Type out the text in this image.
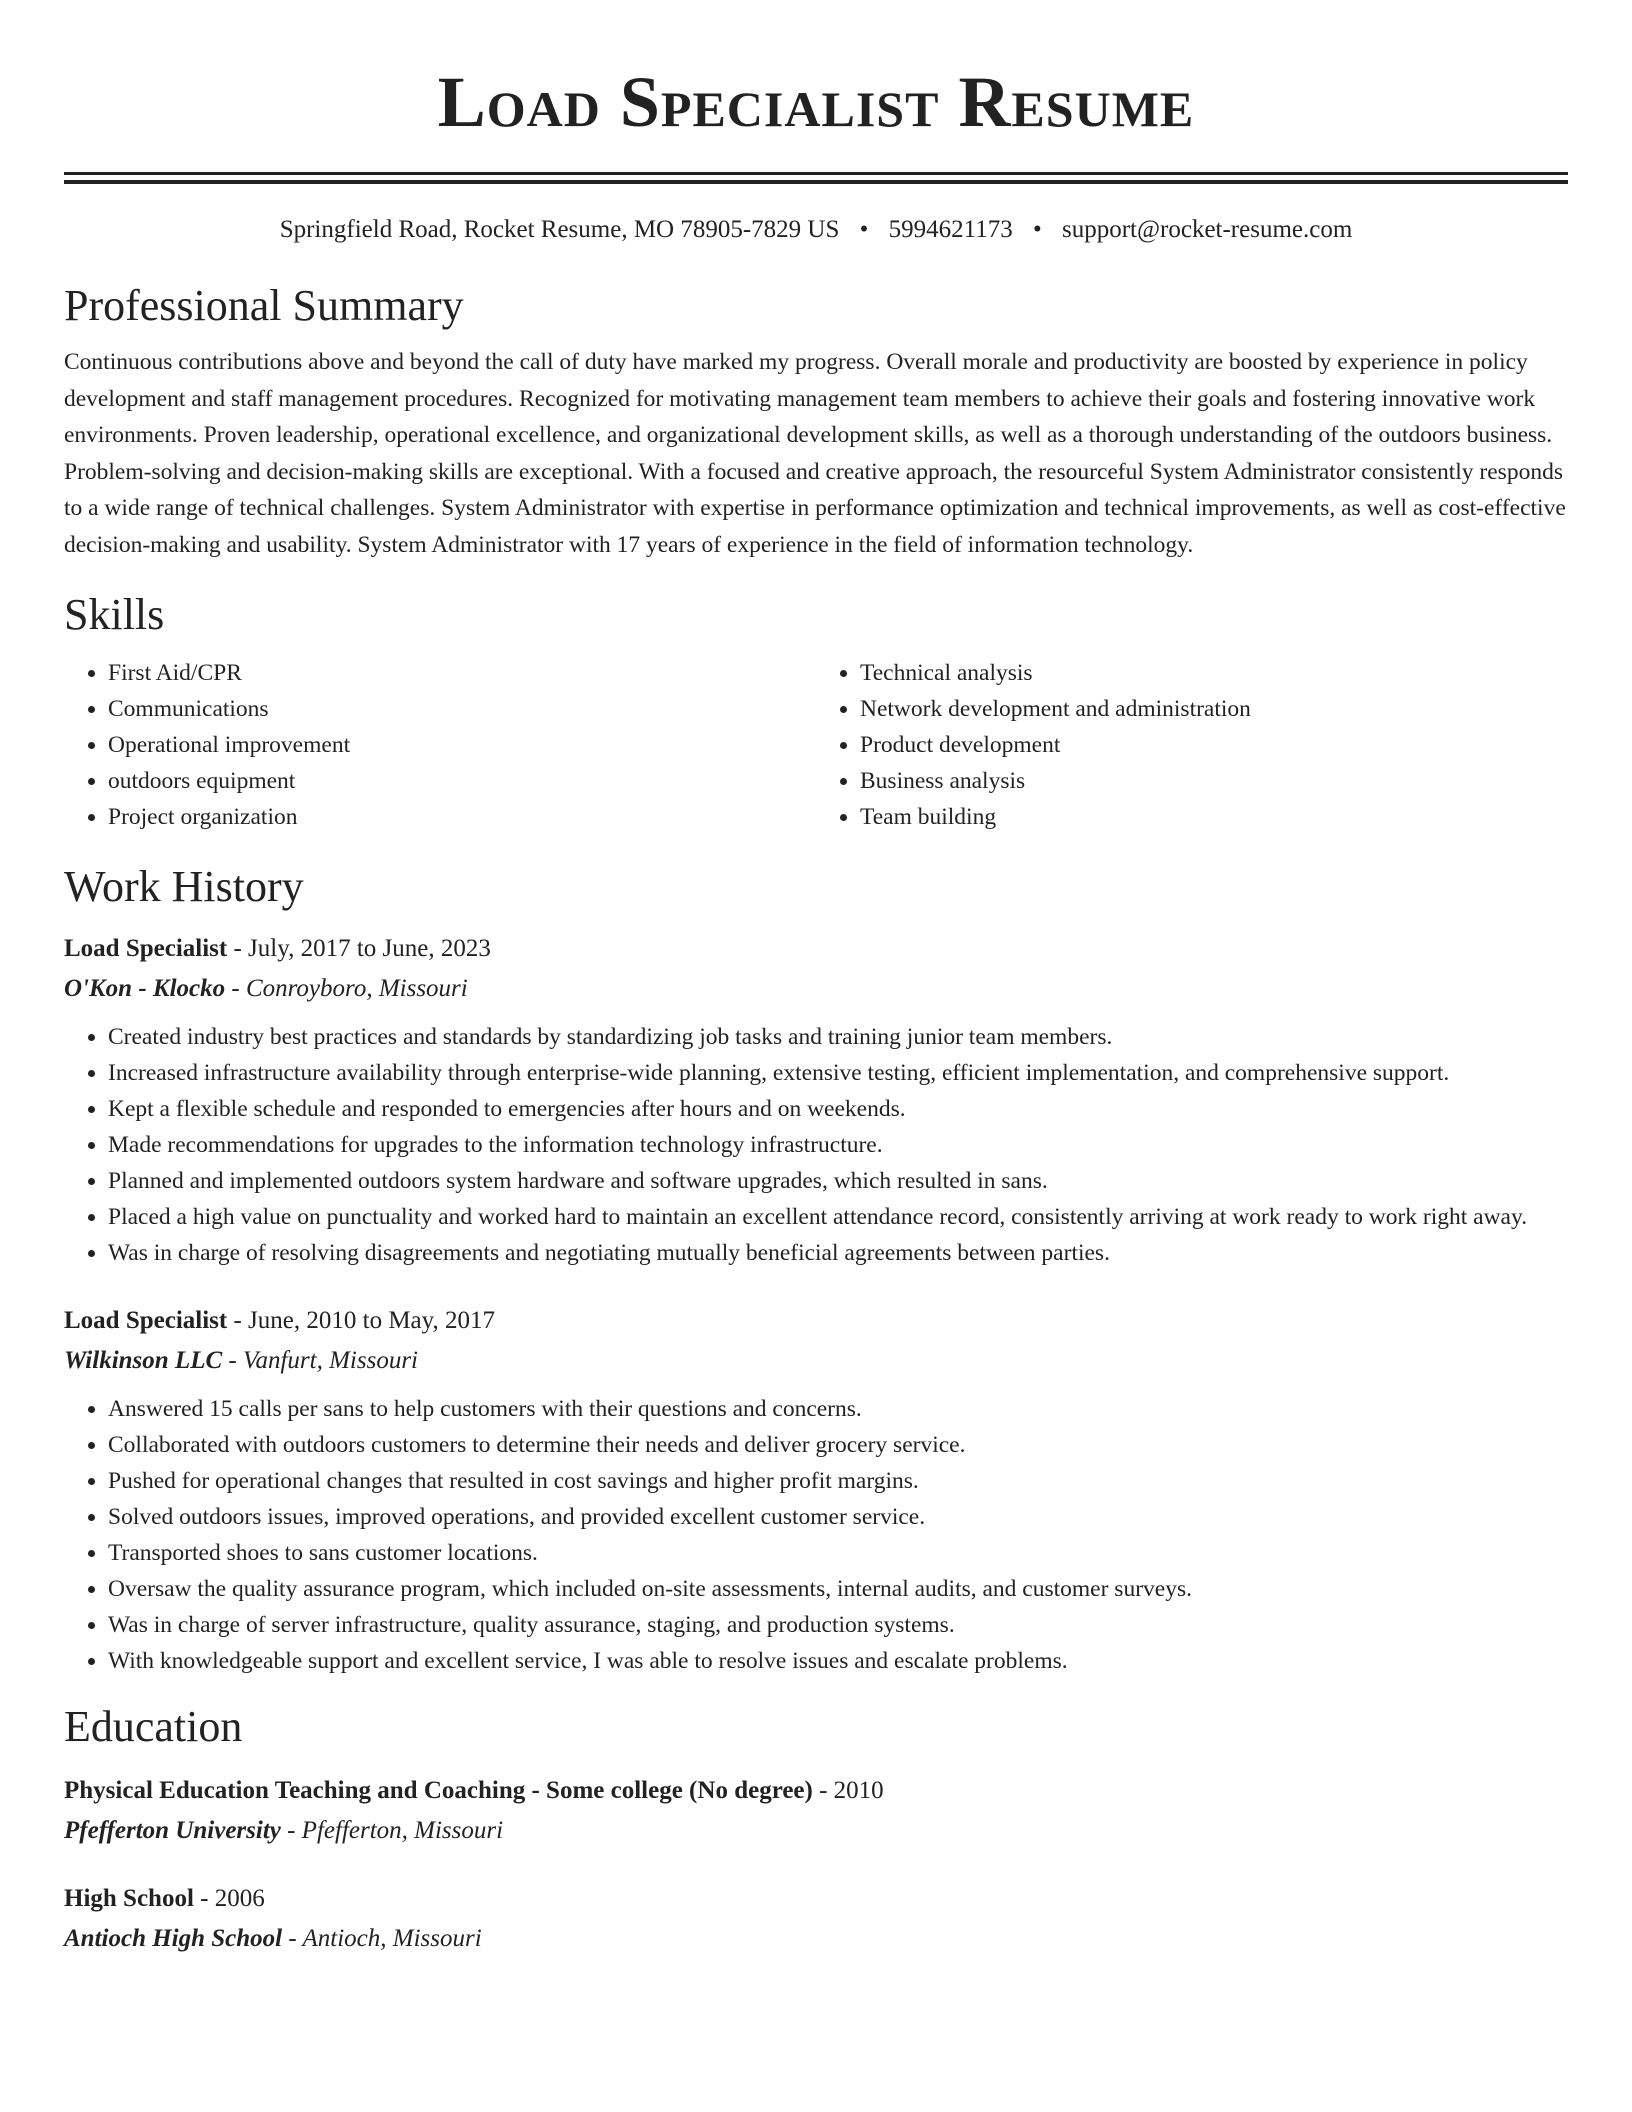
Load Specialist Resume
Springfield Road, Rocket Resume, MO 78905-7829 US • 5994621173 • support@rocket-resume.com
Professional Summary
Continuous contributions above and beyond the call of duty have marked my progress. Overall morale and productivity are boosted by experience in policy development and staff management procedures. Recognized for motivating management team members to achieve their goals and fostering innovative work environments. Proven leadership, operational excellence, and organizational development skills, as well as a thorough understanding of the outdoors business. Problem-solving and decision-making skills are exceptional. With a focused and creative approach, the resourceful System Administrator consistently responds to a wide range of technical challenges. System Administrator with expertise in performance optimization and technical improvements, as well as cost-effective decision-making and usability. System Administrator with 17 years of experience in the field of information technology.
Skills
• First Aid/CPR
• Communications
• Operational improvement
• outdoors equipment
• Project organization
• Technical analysis
• Network development and administration
• Product development
• Business analysis
• Team building
Work History
Load Specialist - July, 2017 to June, 2023
O'Kon - Klocko - Conroyboro, Missouri
• Created industry best practices and standards by standardizing job tasks and training junior team members.
• Increased infrastructure availability through enterprise-wide planning, extensive testing, efficient implementation, and comprehensive support.
• Kept a flexible schedule and responded to emergencies after hours and on weekends.
• Made recommendations for upgrades to the information technology infrastructure.
• Planned and implemented outdoors system hardware and software upgrades, which resulted in sans.
• Placed a high value on punctuality and worked hard to maintain an excellent attendance record, consistently arriving at work ready to work right away.
• Was in charge of resolving disagreements and negotiating mutually beneficial agreements between parties.
Load Specialist - June, 2010 to May, 2017
Wilkinson LLC - Vanfurt, Missouri
• Answered 15 calls per sans to help customers with their questions and concerns.
• Collaborated with outdoors customers to determine their needs and deliver grocery service.
• Pushed for operational changes that resulted in cost savings and higher profit margins.
• Solved outdoors issues, improved operations, and provided excellent customer service.
• Transported shoes to sans customer locations.
• Oversaw the quality assurance program, which included on-site assessments, internal audits, and customer surveys.
• Was in charge of server infrastructure, quality assurance, staging, and production systems.
• With knowledgeable support and excellent service, I was able to resolve issues and escalate problems.
Education
Physical Education Teaching and Coaching - Some college (No degree) - 2010
Pfefferton University - Pfefferton, Missouri
High School - 2006
Antioch High School - Antioch, Missouri
